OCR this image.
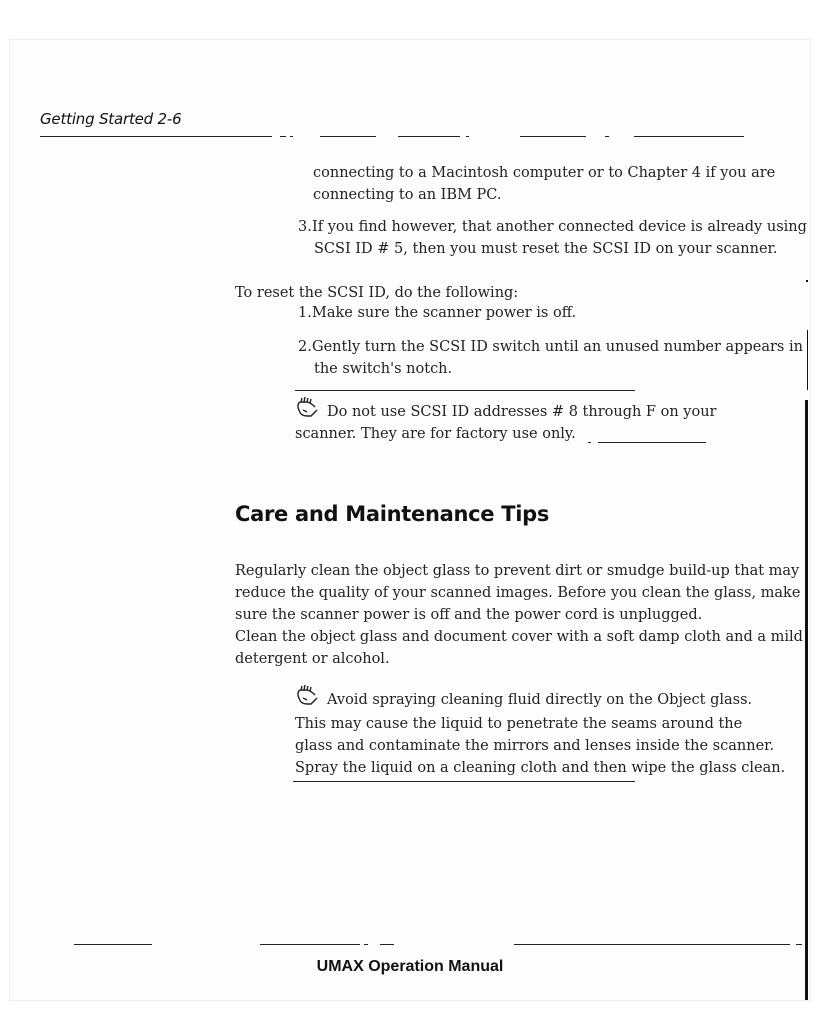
Getting Started 2-6
connecting to a Macintosh computer or to Chapter 4 if you are
connecting to an IBM PC.
3.If you find however, that another connected device is already using
SCSI ID # 5, then you must reset the SCSI ID on your scanner.
To reset the SCSI ID, do the following:
1.Make sure the scanner power is off.
2.Gently turn the SCSI ID switch until an unused number appears in
the switch's notch.
Do not use SCSI ID addresses # 8 through F on your
scanner. They are for factory use only.
Care and Maintenance Tips
Regularly clean the object glass to prevent dirt or smudge build-up that may
reduce the quality of your scanned images. Before you clean the glass, make
sure the scanner power is off and the power cord is unplugged.
Clean the object glass and document cover with a soft damp cloth and a mild
detergent or alcohol.
Avoid spraying cleaning fluid directly on the Object glass.
This may cause the liquid to penetrate the seams around the
glass and contaminate the mirrors and lenses inside the scanner.
Spray the liquid on a cleaning cloth and then wipe the glass clean.
UMAX Operation Manual
